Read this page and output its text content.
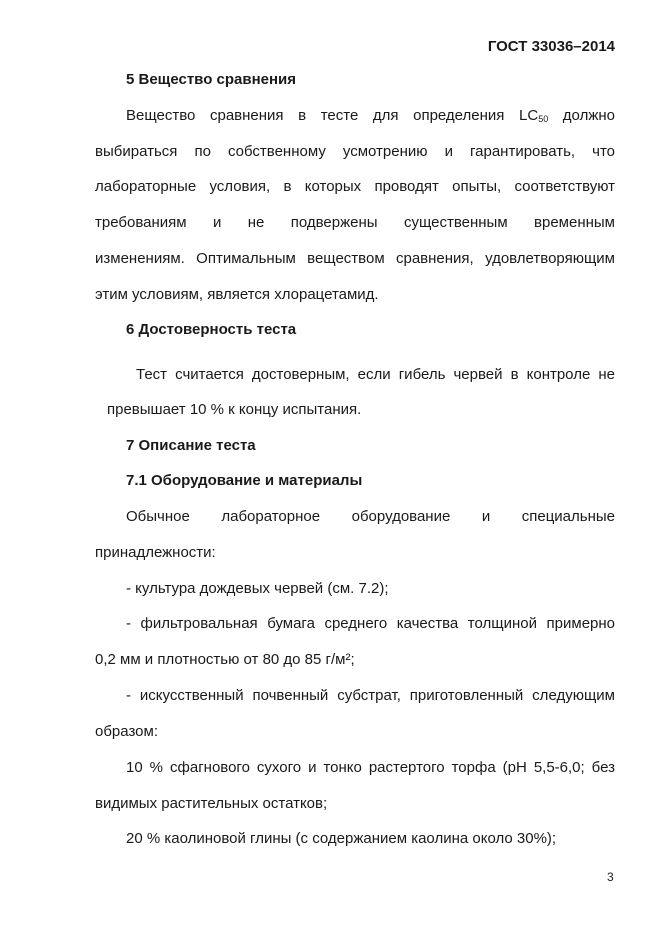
ГОСТ 33036–2014
5 Вещество сравнения
Вещество сравнения в тесте для определения $LC_{50}$ должно
выбираться по собственному усмотрению и гарантировать, что
лабораторные условия, в которых проводят опыты, соответствуют
требованиям и не подвержены существенным временным
изменениям. Оптимальным веществом сравнения, удовлетворяющим
этим условиям, является хлорацетамид.
6 Достоверность теста
Тест считается достоверным, если гибель червей в контроле не
превышает 10 % к концу испытания.
7 Описание теста
7.1 Оборудование и материалы
Обычное лабораторное оборудование и специальные
принадлежности:
- культура дождевых червей (см. 7.2);
- фильтровальная бумага среднего качества толщиной примерно
0,2 мм и плотностью от 80 до 85 г/м²;
- искусственный почвенный субстрат, приготовленный следующим
образом:
10 % сфагнового сухого и тонко растертого торфа (рН 5,5-6,0; без
видимых растительных остатков;
20 % каолиновой глины (с содержанием каолина около 30%);
3
